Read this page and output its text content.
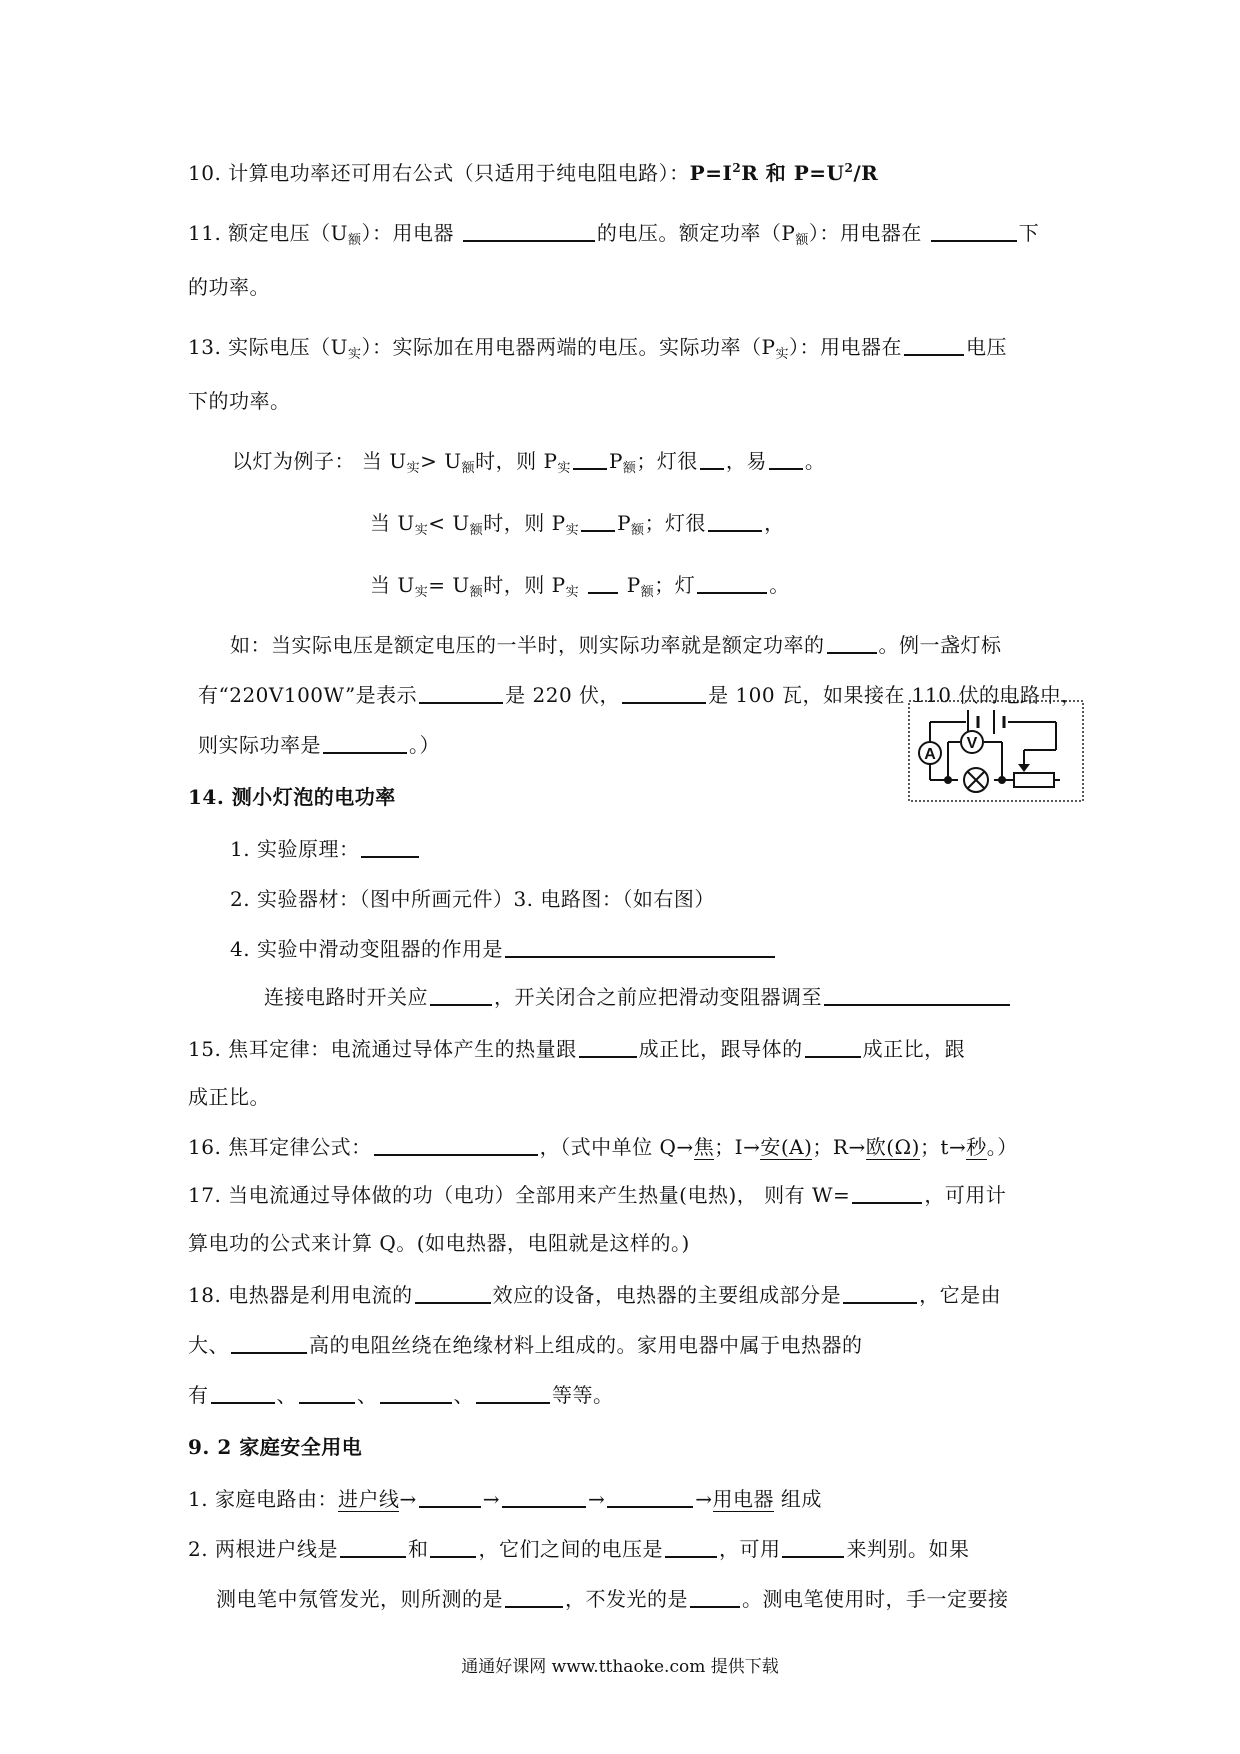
10. 计算电功率还可用右公式（只适用于纯电阻电路）：$P=I^2R$ 和 $P=U^2/R$
11. 额定电压$(U_额)$：用电器	的电压。额定功率$(P_额)$：用电器在	下
的功率。
13. 实际电压$(U_实)$：实际加在用电器两端的电压。实际功率$(P_实)$：用电器在	电压
下的功率。
以灯为例子： 当 $U_实> U_额$时，则 $P_实$ $P_额$；灯很 ，易 。
当 $U_实< U_额$时，则 $P_实$ $P_额$；灯很	，
当 $U_实= U_额$时，则 $P_实$ $P_额$；灯	。
如：当实际电压是额定电压的一半时，则实际功率就是额定功率的	。例一盏灯标
有“220V100W”是表示	是 220 伏，	是 100 瓦，如果接在 110 伏的电路中，
则实际功率是	。）	A
V
14. 测小灯泡的电功率
1. 实验原理：
2. 实验器材：（图中所画元件）3. 电路图：（如右图）
4. 实验中滑动变阻器的作用是
连接电路时开关应	，开关闭合之前应把滑动变阻器调至
15. 焦耳定律：电流通过导体产生的热量跟	成正比，跟导体的	成正比，跟
成正比。
16. 焦耳定律公式：	，（式中单位 Q→焦；I→安(A)；R→欧(Ω)；t→秒。）
17. 当电流通过导体做的功（电功）全部用来产生热量(电热)， 则有 W=	，可用计
算电功的公式来计算 Q。(如电热器，电阻就是这样的。)
18. 电热器是利用电流的	效应的设备，电热器的主要组成部分是	，它是由
大、	高的电阻丝绕在绝缘材料上组成的。家用电器中属于电热器的
有	、	、	、	等等。
9. 2 家庭安全用电
1. 家庭电路由：进户线→	→	→	→用电器 组成
2. 两根进户线是	和	，它们之间的电压是	，可用	来判别。如果
测电笔中氖管发光，则所测的是	，不发光的是	。测电笔使用时，手一定要接
通通好课网 www.tthaoke.com 提供下载
